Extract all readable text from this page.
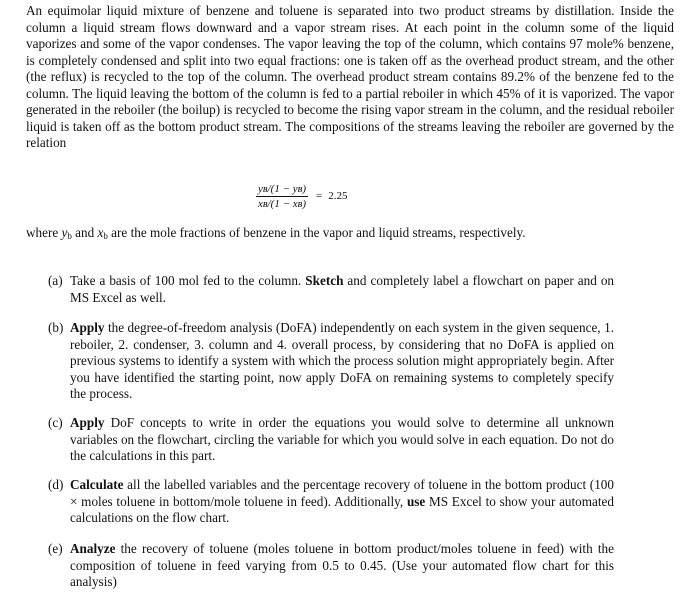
An equimolar liquid mixture of benzene and toluene is separated into two product streams by distillation. Inside the column a liquid stream flows downward and a vapor stream rises. At each point in the column some of the liquid vaporizes and some of the vapor condenses. The vapor leaving the top of the column, which contains 97 mole% benzene, is completely condensed and split into two equal fractions: one is taken off as the overhead product stream, and the other (the reflux) is recycled to the top of the column. The overhead product stream contains 89.2% of the benzene fed to the column. The liquid leaving the bottom of the column is fed to a partial reboiler in which 45% of it is vaporized. The vapor generated in the reboiler (the boilup) is recycled to become the rising vapor stream in the column, and the residual reboiler liquid is taken off as the bottom product stream. The compositions of the streams leaving the reboiler are governed by the relation

$\frac{\text{yʙ/(1 − yʙ)}}{\text{xʙ/(1 − xʙ)}} = 2.25$

where $y_b$ and $x_b$ are the mole fractions of benzene in the vapor and liquid streams, respectively.

(a) Take a basis of 100 mol fed to the column. Sketch and completely label a flowchart on paper and on MS Excel as well.
(b) Apply the degree-of-freedom analysis (DoFA) independently on each system in the given sequence, 1. reboiler, 2. condenser, 3. column and 4. overall process, by considering that no DoFA is applied on previous systems to identify a system with which the process solution might appropriately begin. After you have identified the starting point, now apply DoFA on remaining systems to completely specify the process.
(c) Apply DoF concepts to write in order the equations you would solve to determine all unknown variables on the flowchart, circling the variable for which you would solve in each equation. Do not do the calculations in this part.
(d) Calculate all the labelled variables and the percentage recovery of toluene in the bottom product (100 × moles toluene in bottom/mole toluene in feed). Additionally, use MS Excel to show your automated calculations on the flow chart.
(e) Analyze the recovery of toluene (moles toluene in bottom product/moles toluene in feed) with the composition of toluene in feed varying from 0.5 to 0.45. (Use your automated flow chart for this analysis)
